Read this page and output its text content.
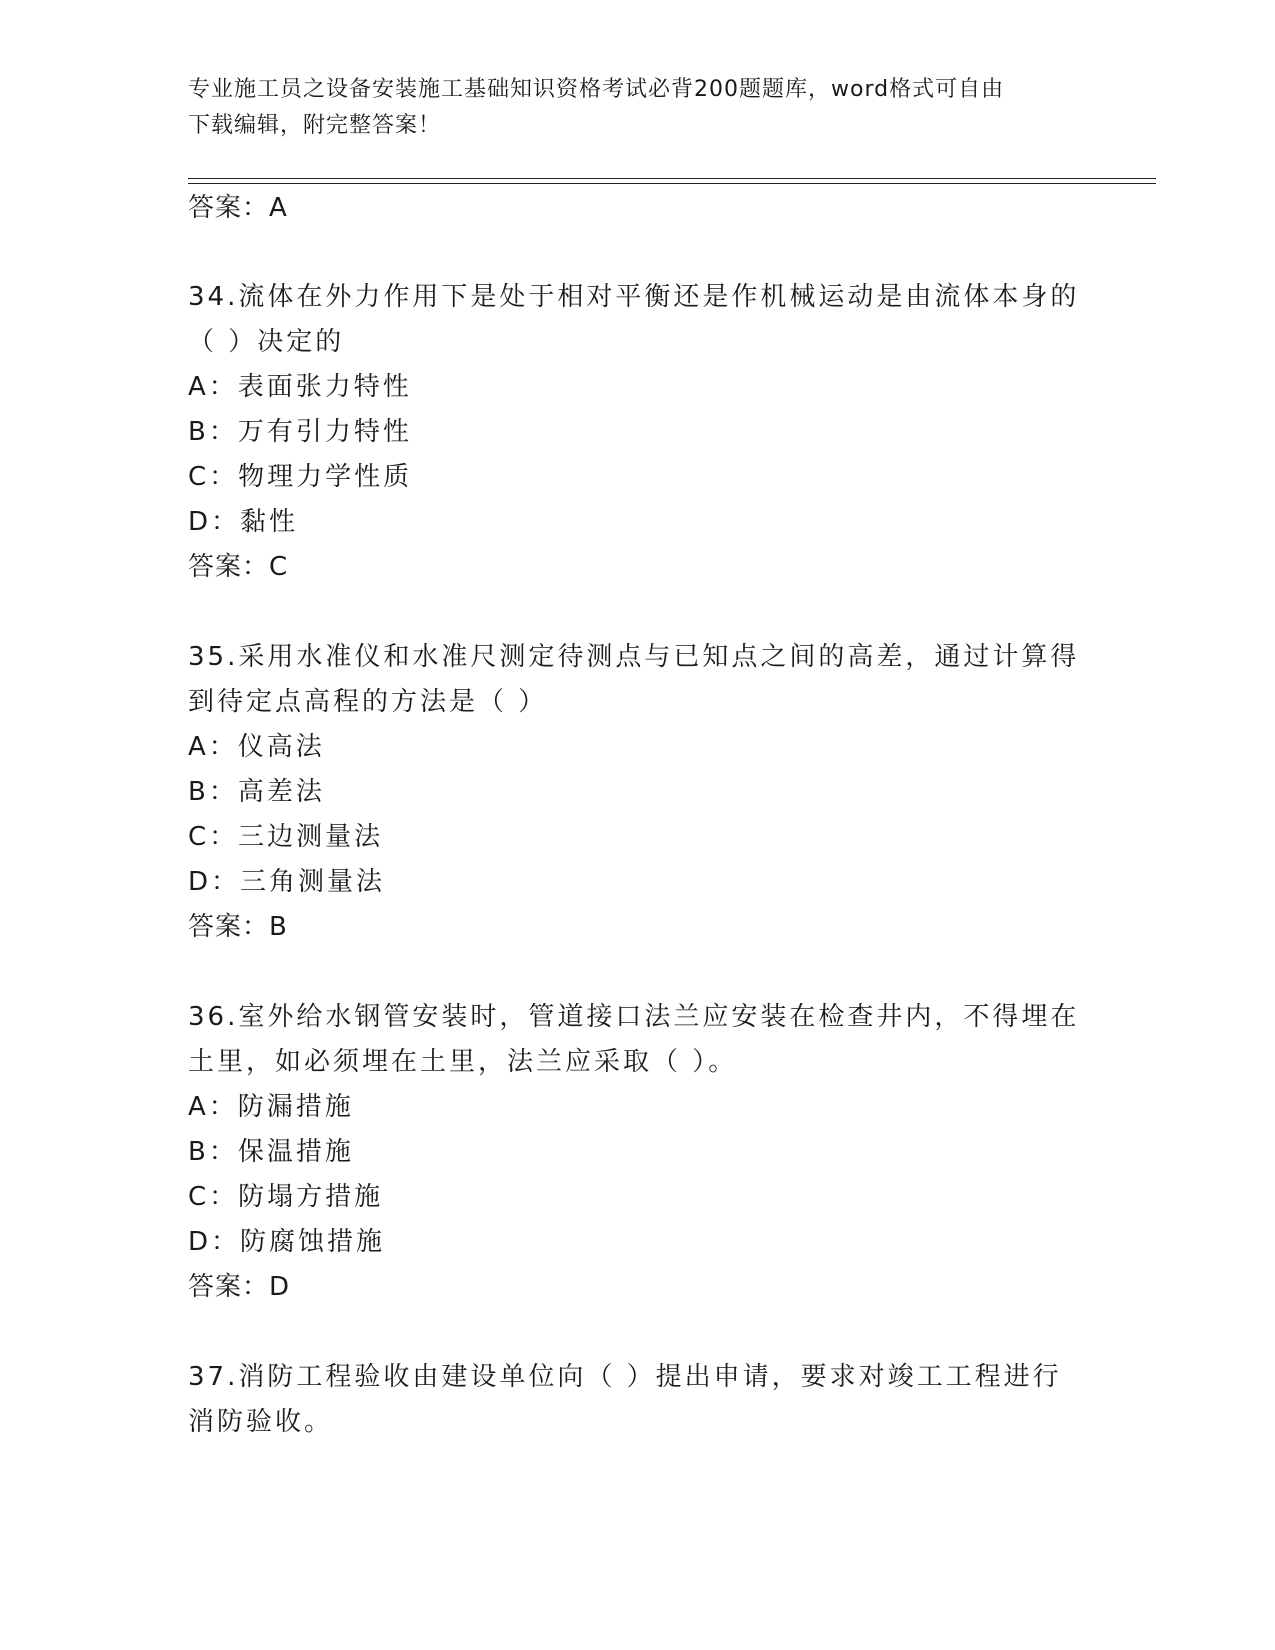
专业施工员之设备安装施工基础知识资格考试必背200题题库，word格式可自由
下载编辑，附完整答案！
答案：A
34.流体在外力作用下是处于相对平衡还是作机械运动是由流体本身的
（ ）决定的
A：表面张力特性
B：万有引力特性
C：物理力学性质
D：黏性
答案：C
35.采用水准仪和水准尺测定待测点与已知点之间的高差，通过计算得
到待定点高程的方法是（ ）
A：仪高法
B：高差法
C：三边测量法
D：三角测量法
答案：B
36.室外给水钢管安装时，管道接口法兰应安装在检查井内，不得埋在
土里，如必须埋在土里，法兰应采取（ ）。
A：防漏措施
B：保温措施
C：防塌方措施
D：防腐蚀措施
答案：D
37.消防工程验收由建设单位向（ ）提出申请，要求对竣工工程进行
消防验收。
